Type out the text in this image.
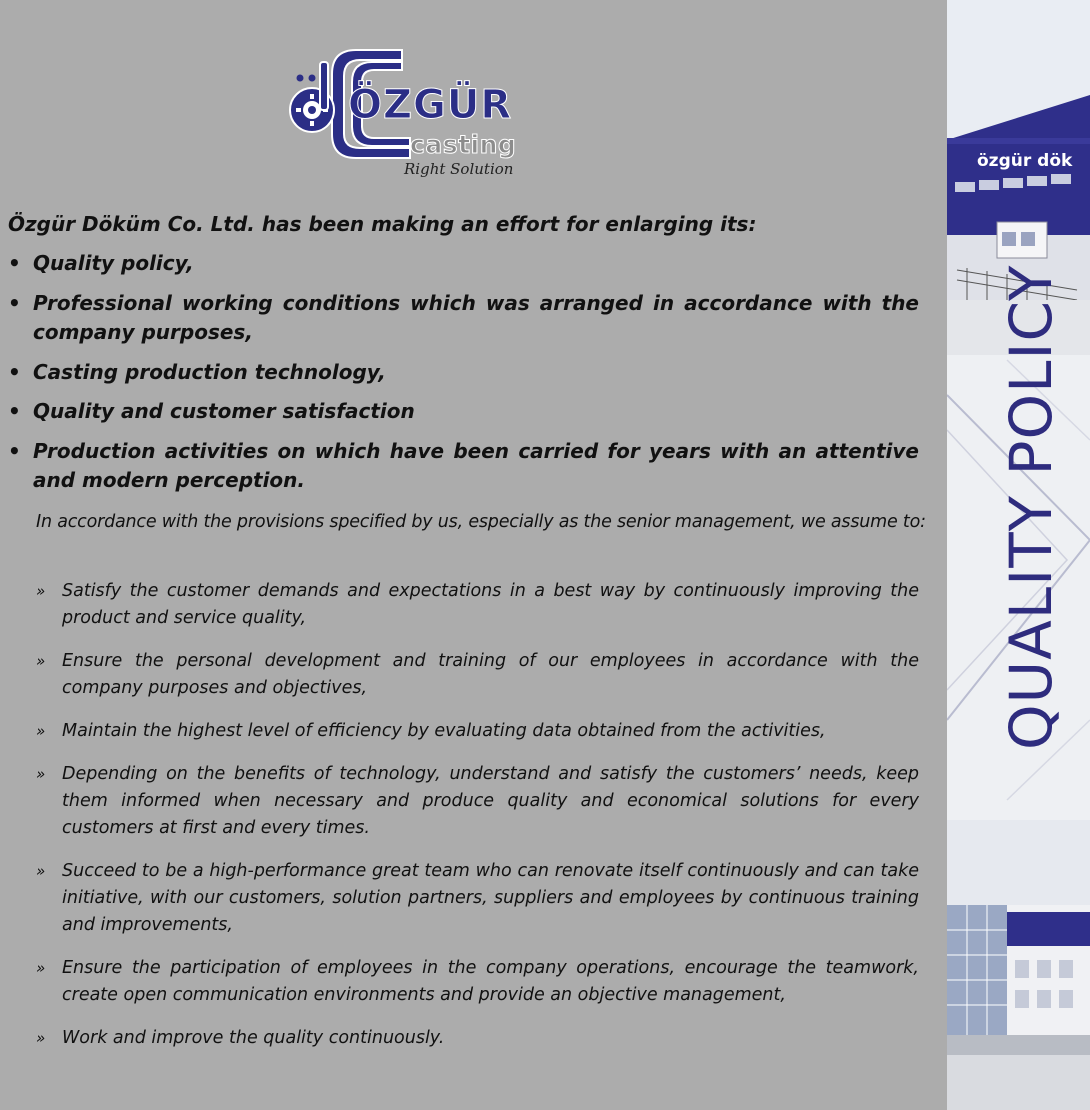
ÖZGÜR
casting
Right Solution

Özgür Döküm Co. Ltd. has been making an effort for enlarging its:

• Quality policy,
• Professional working conditions which was arranged in accordance with the company purposes,
• Casting production technology,
• Quality and customer satisfaction
• Production activities on which have been carried for years with an attentive and modern perception.

In accordance with the provisions specified by us, especially as the senior management, we assume to:

» Satisfy the customer demands and expectations in a best way by continuously improving the product and service quality,
» Ensure the personal development and training of our employees in accordance with the company purposes and objectives,
» Maintain the highest level of efficiency by evaluating data obtained from the activities,
» Depending on the benefits of technology, understand and satisfy the customers’ needs, keep them informed when necessary and produce quality and economical solutions for every customers at first and every times.
» Succeed to be a high-performance great team who can renovate itself continuously and can take initiative, with our customers, solution partners, suppliers and employees by continuous training and improvements,
» Ensure the participation of employees in the company operations, encourage the teamwork, create open communication environments and provide an objective management,
» Work and improve the quality continuously.
özgür dök
QUALITY POLICY
